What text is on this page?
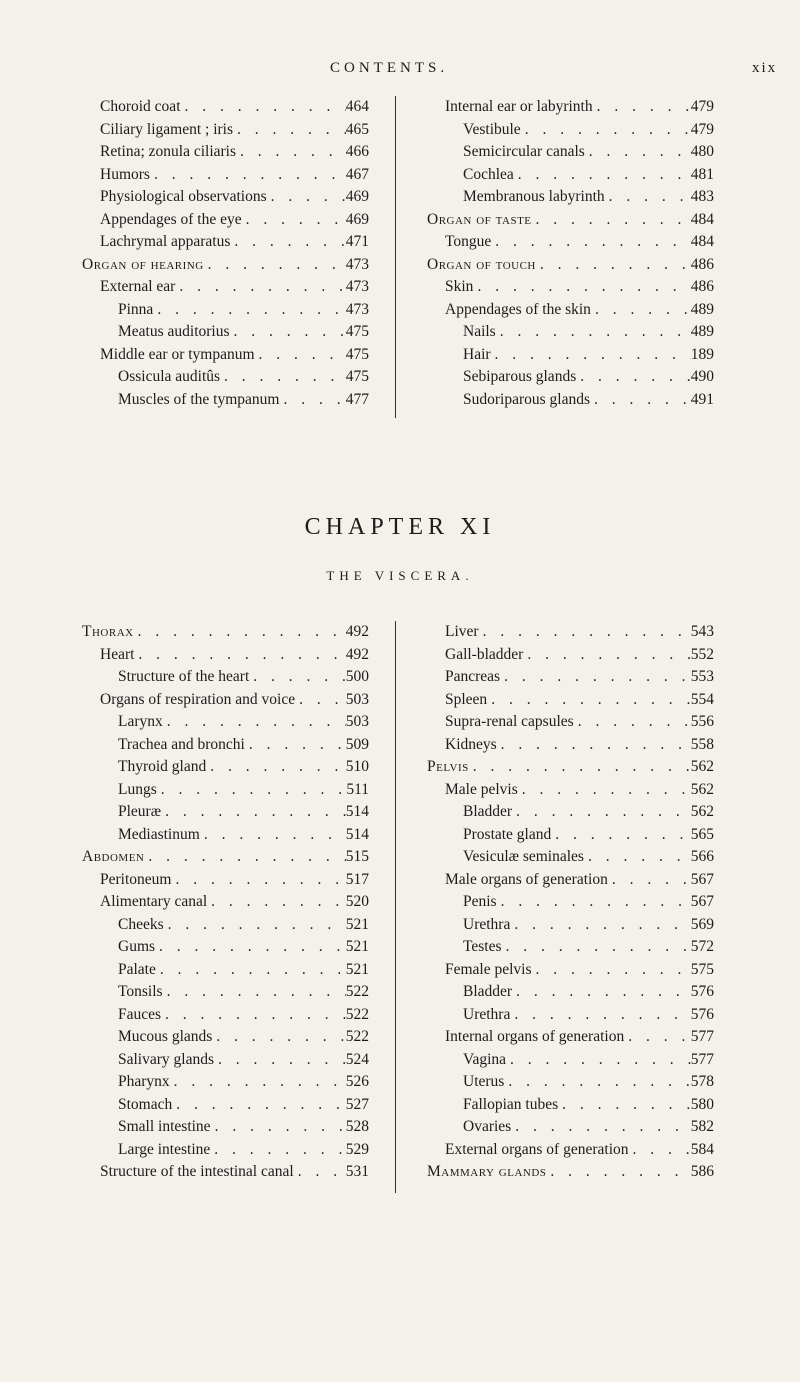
CONTENTS.	xix
Choroid coat . . .	464
Ciliary ligament ; iris . . .	465
Retina; zonula ciliaris . . .	466
Humors . . .	467
Physiological observations . . .	469
Appendages of the eye . . .	469
Lachrymal apparatus . . .	471
Organ of hearing . . .	473
External ear . . .	473
Pinna . . .	473
Meatus auditorius . . .	475
Middle ear or tympanum . . .	475
Ossicula auditûs . . .	475
Muscles of the tympanum . . .	477
Internal ear or labyrinth . . .	479
Vestibule . . .	479
Semicircular canals . . .	480
Cochlea . . .	481
Membranous labyrinth . . .	483
Organ of taste . . .	484
Tongue . . .	484
Organ of touch . . .	486
Skin . . .	486
Appendages of the skin . . .	489
Nails . . .	489
Hair . . .	189
Sebiparous glands . . .	490
Sudoriparous glands . . .	491
CHAPTER XI
THE VISCERA.
Thorax . . .	492
Heart . . .	492
Structure of the heart . . .	500
Organs of respiration and voice . . .	503
Larynx . . .	503
Trachea and bronchi . . .	509
Thyroid gland . . .	510
Lungs . . .	511
Pleuræ . . .	514
Mediastinum . . .	514
Abdomen . . .	515
Peritoneum . . .	517
Alimentary canal . . .	520
Cheeks . . .	521
Gums . . .	521
Palate . . .	521
Tonsils . . .	522
Fauces . . .	522
Mucous glands . . .	522
Salivary glands . . .	524
Pharynx . . .	526
Stomach . . .	527
Small intestine . . .	528
Large intestine . . .	529
Structure of the intestinal canal . . .	531
Liver . . .	543
Gall-bladder . . .	552
Pancreas . . .	553
Spleen . . .	554
Supra-renal capsules . . .	556
Kidneys . . .	558
Pelvis . . .	562
Male pelvis . . .	562
Bladder . . .	562
Prostate gland . . .	565
Vesiculæ seminales . . .	566
Male organs of generation . . .	567
Penis . . .	567
Urethra . . .	569
Testes . . .	572
Female pelvis . . .	575
Bladder . . .	576
Urethra . . .	576
Internal organs of generation . . .	577
Vagina . . .	577
Uterus . . .	578
Fallopian tubes . . .	580
Ovaries . . .	582
External organs of generation . . .	584
Mammary glands . . .	586
